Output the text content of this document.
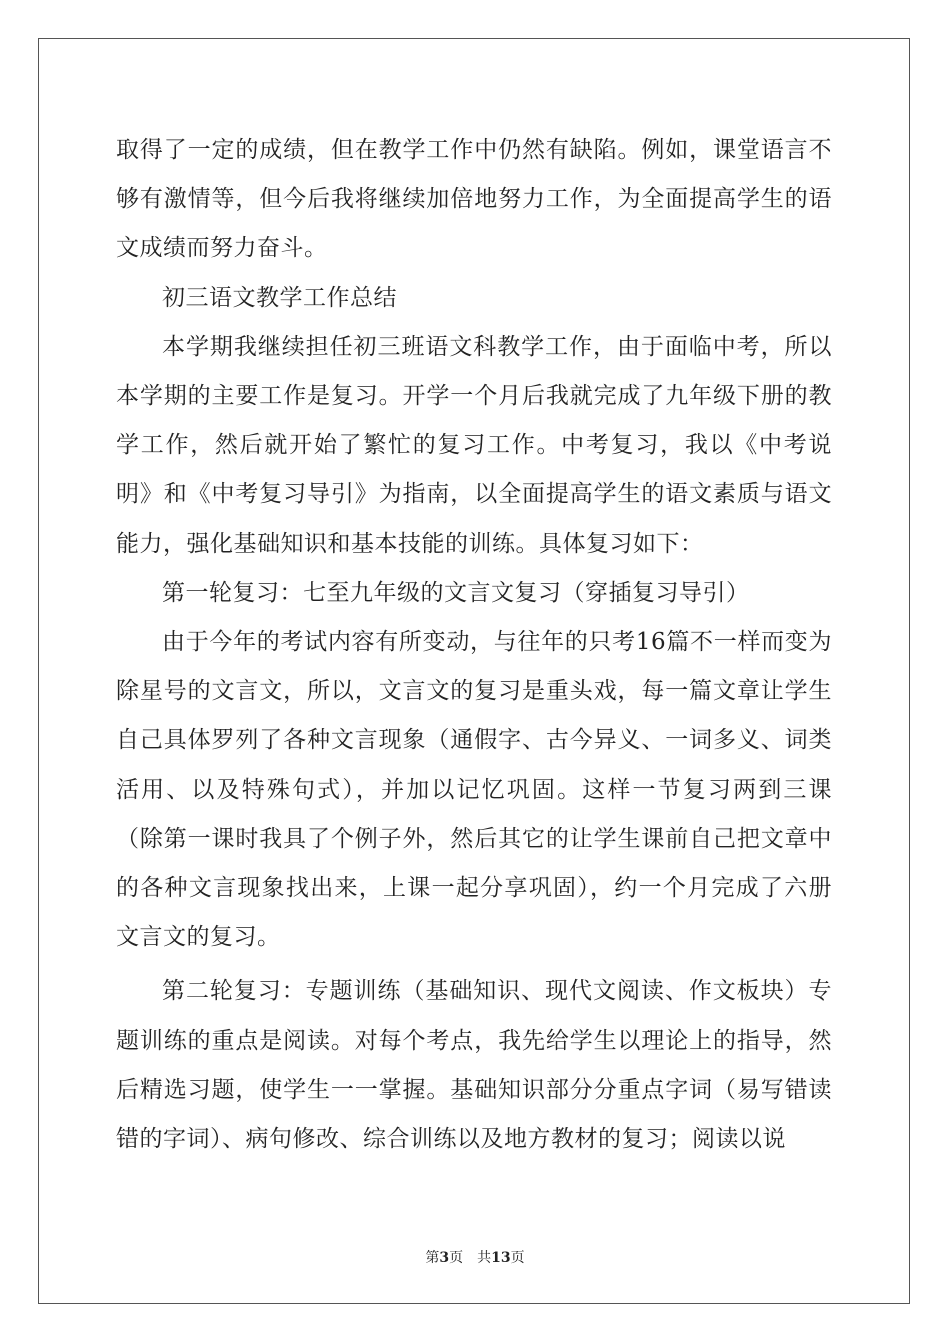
取得了一定的成绩，但在教学工作中仍然有缺陷。例如，课堂语言不够有激情等，但今后我将继续加倍地努力工作，为全面提高学生的语文成绩而努力奋斗。

初三语文教学工作总结

本学期我继续担任初三班语文科教学工作，由于面临中考，所以本学期的主要工作是复习。开学一个月后我就完成了九年级下册的教学工作，然后就开始了繁忙的复习工作。中考复习，我以《中考说明》和《中考复习导引》为指南，以全面提高学生的语文素质与语文能力，强化基础知识和基本技能的训练。具体复习如下：

第一轮复习：七至九年级的文言文复习（穿插复习导引）

由于今年的考试内容有所变动，与往年的只考16篇不一样而变为除星号的文言文，所以，文言文的复习是重头戏，每一篇文章让学生自己具体罗列了各种文言现象（通假字、古今异义、一词多义、词类活用、以及特殊句式），并加以记忆巩固。这样一节复习两到三课（除第一课时我具了个例子外，然后其它的让学生课前自己把文章中的各种文言现象找出来，上课一起分享巩固），约一个月完成了六册文言文的复习。

第二轮复习：专题训练（基础知识、现代文阅读、作文板块）专题训练的重点是阅读。对每个考点，我先给学生以理论上的指导，然后精选习题，使学生一一掌握。基础知识部分分重点字词（易写错读错的字词）、病句修改、综合训练以及地方教材的复习；阅读以说

第3页 共13页
